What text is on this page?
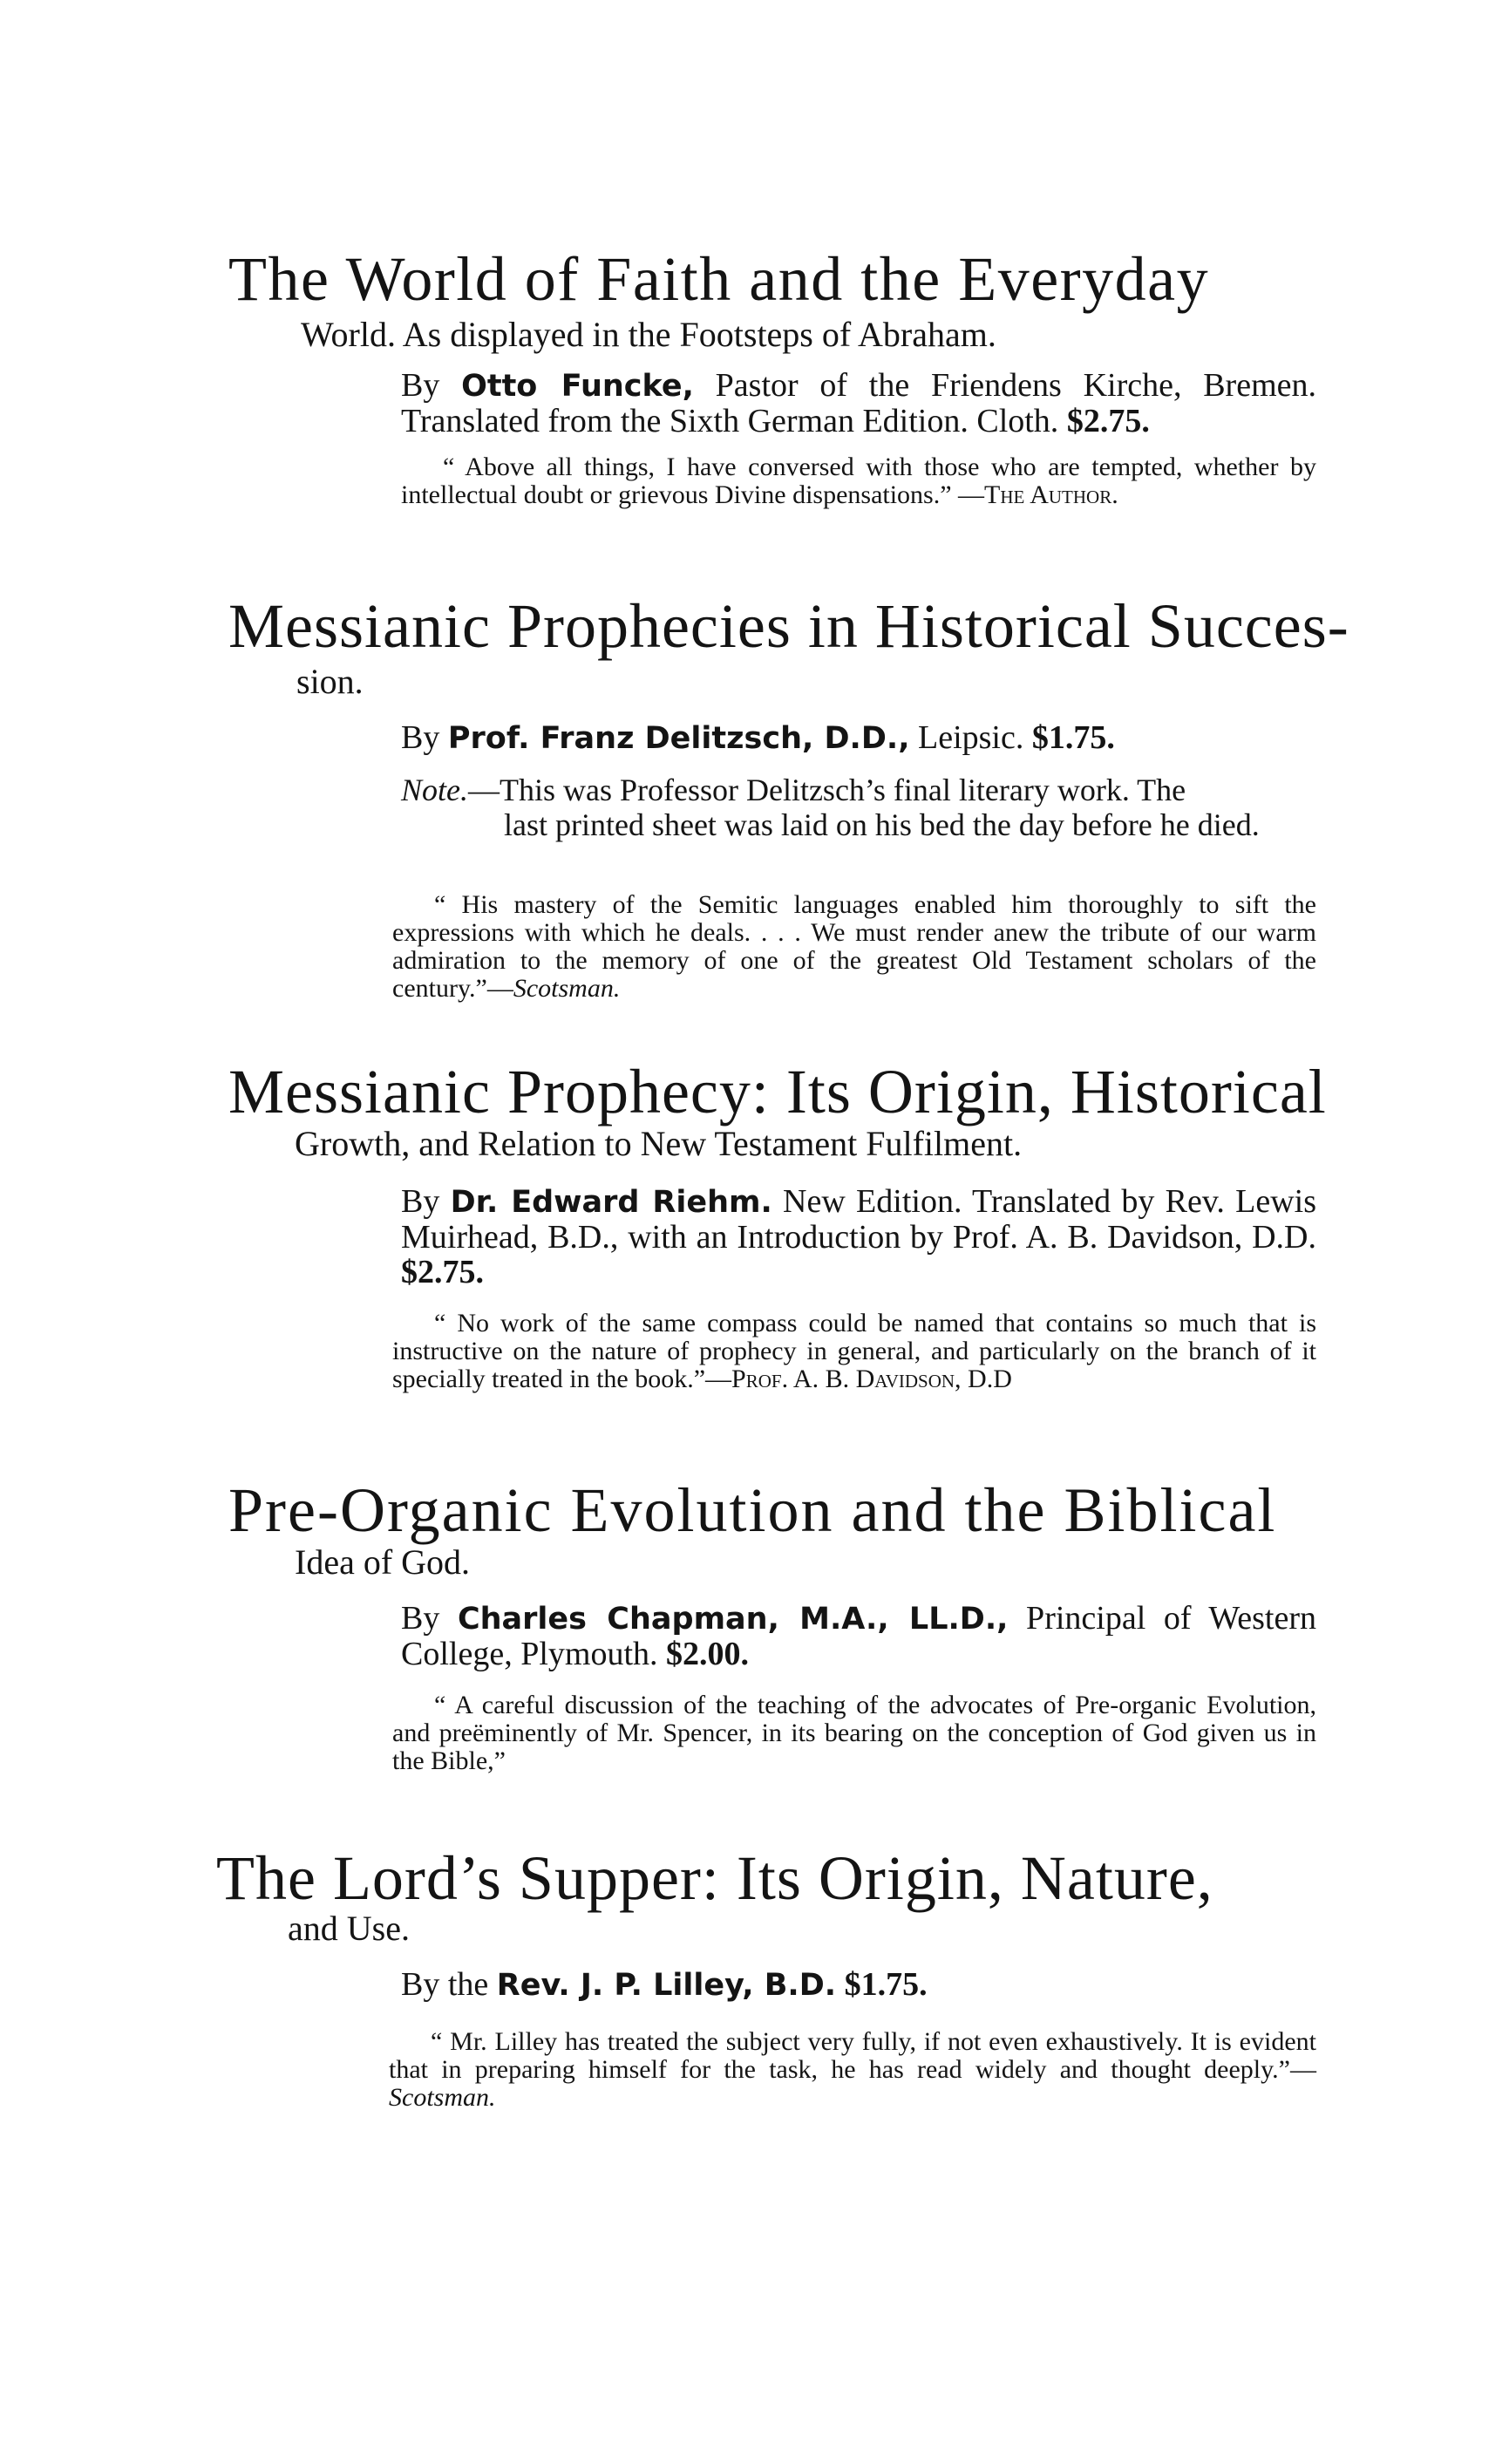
The World of Faith and the Everyday
World. As displayed in the Footsteps of Abraham.
By Otto Funcke, Pastor of the Friendens Kirche, Bremen. Translated from the Sixth German Edition. Cloth. $2.75.
“ Above all things, I have conversed with those who are tempted, whether by intellectual doubt or grievous Divine dispensations.” —The Author.
Messianic Prophecies in Historical Succes-
sion.
By Prof. Franz Delitzsch, D.D., Leipsic. $1.75.
Note.—This was Professor Delitzsch’s final literary work. The
last printed sheet was laid on his bed the day before he died.
“ His mastery of the Semitic languages enabled him thoroughly to sift the expressions with which he deals. . . . We must render anew the tribute of our warm admiration to the memory of one of the greatest Old Testament scholars of the century.”—Scotsman.
Messianic Prophecy: Its Origin, Historical
Growth, and Relation to New Testament Fulfilment.
By Dr. Edward Riehm. New Edition. Translated by Rev. Lewis Muirhead, B.D., with an Introduction by Prof. A. B. Davidson, D.D. $2.75.
“ No work of the same compass could be named that contains so much that is instructive on the nature of prophecy in general, and particularly on the branch of it specially treated in the book.”—Prof. A. B. Davidson, D.D
Pre-Organic Evolution and the Biblical
Idea of God.
By Charles Chapman, M.A., LL.D., Principal of Western College, Plymouth. $2.00.
“ A careful discussion of the teaching of the advocates of Pre-organic Evolution, and preëminently of Mr. Spencer, in its bearing on the conception of God given us in the Bible,”
The Lord’s Supper: Its Origin, Nature,
and Use.
By the Rev. J. P. Lilley, B.D. $1.75.
“ Mr. Lilley has treated the subject very fully, if not even exhaustively. It is evident that in preparing himself for the task, he has read widely and thought deeply.”—Scotsman.
